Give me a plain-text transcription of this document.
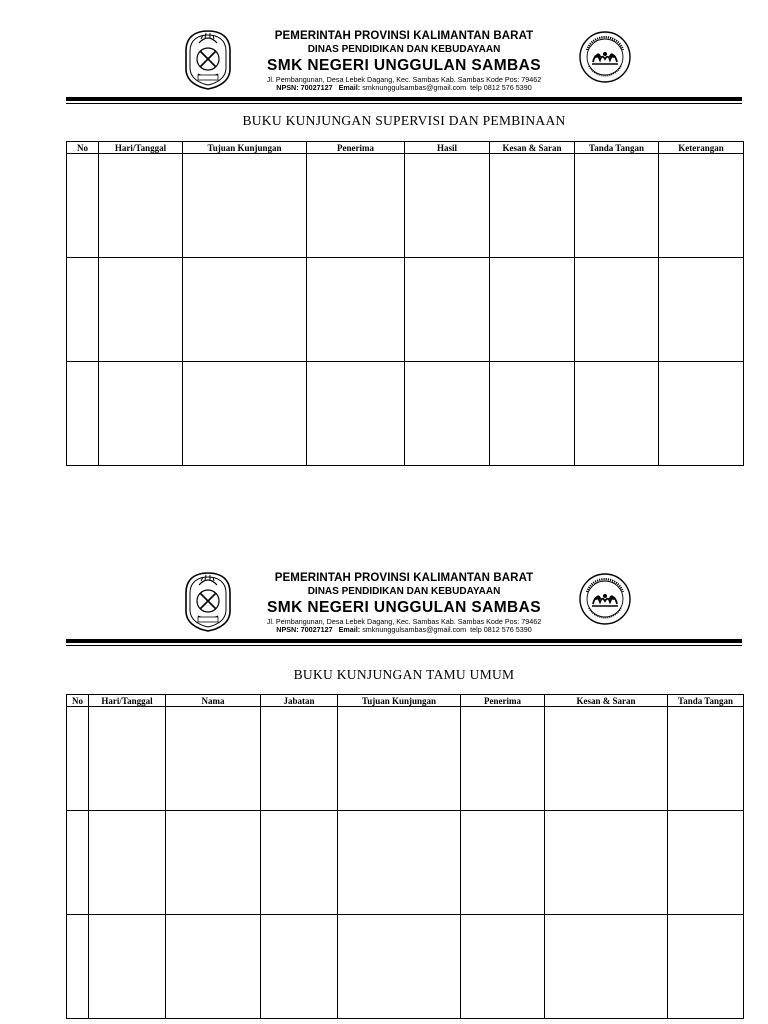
PEMERINTAH PROVINSI KALIMANTAN BARAT
DINAS PENDIDIKAN DAN KEBUDAYAAN
SMK NEGERI UNGGULAN SAMBAS
Jl. Pembangunan, Desa Lebek Dagang, Kec. Sambas Kab. Sambas Kode Pos: 79462
NPSN: 70027127 Email: smknunggulsambas@gmail.com telp 0812 576 5390
BUKU KUNJUNGAN SUPERVISI DAN PEMBINAAN
No	Hari/Tanggal	Tujuan Kunjungan	Penerima	Hasil	Kesan & Saran	Tanda Tangan	Keterangan

PEMERINTAH PROVINSI KALIMANTAN BARAT
DINAS PENDIDIKAN DAN KEBUDAYAAN
SMK NEGERI UNGGULAN SAMBAS
Jl. Pembangunan, Desa Lebek Dagang, Kec. Sambas Kab. Sambas Kode Pos: 79462
NPSN: 70027127 Email: smknunggulsambas@gmail.com telp 0812 576 5390
BUKU KUNJUNGAN TAMU UMUM
No	Hari/Tanggal	Nama	Jabatan	Tujuan Kunjungan	Penerima	Kesan & Saran	Tanda Tangan
